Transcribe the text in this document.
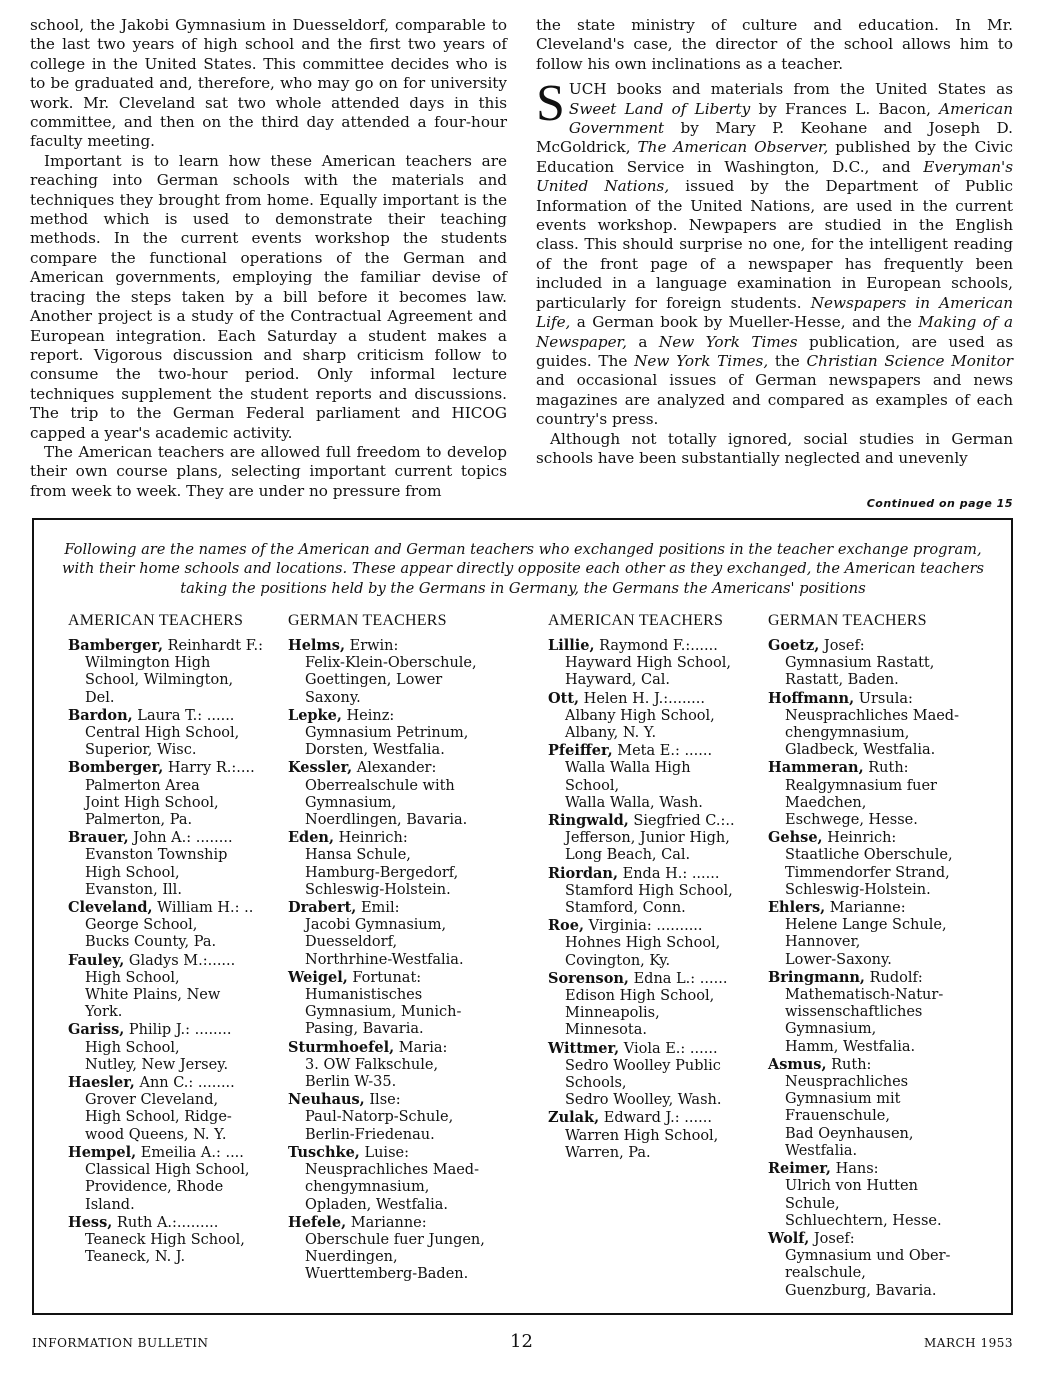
school, the Jakobi Gymnasium in Duesseldorf, comparable to the last two years of high school and the first two years of college in the United States. This committee decides who is to be graduated and, therefore, who may go on for university work. Mr. Cleveland sat two whole attended days in this committee, and then on the third day attended a four-hour faculty meeting.

Important is to learn how these American teachers are reaching into German schools with the materials and techniques they brought from home. Equally important is the method which is used to demonstrate their teaching methods. In the current events workshop the students compare the functional operations of the German and American governments, employing the familiar devise of tracing the steps taken by a bill before it becomes law. Another project is a study of the Contractual Agreement and European integration. Each Saturday a student makes a report. Vigorous discussion and sharp criticism follow to consume the two-hour period. Only informal lecture techniques supplement the student reports and discussions. The trip to the German Federal parliament and HICOG capped a year's academic activity.

The American teachers are allowed full freedom to develop their own course plans, selecting important current topics from week to week. They are under no pressure from

the state ministry of culture and education. In Mr. Cleveland's case, the director of the school allows him to follow his own inclinations as a teacher.

SUCH books and materials from the United States as Sweet Land of Liberty by Frances L. Bacon, American Government by Mary P. Keohane and Joseph D. McGoldrick, The American Observer, published by the Civic Education Service in Washington, D.C., and Everyman's United Nations, issued by the Department of Public Information of the United Nations, are used in the current events workshop. Newpapers are studied in the English class. This should surprise no one, for the intelligent reading of the front page of a newspaper has frequently been included in a language examination in European schools, particularly for foreign students. Newspapers in American Life, a German book by Mueller-Hesse, and the Making of a Newspaper, a New York Times publication, are used as guides. The New York Times, the Christian Science Monitor and occasional issues of German newspapers and news magazines are analyzed and compared as examples of each country's press.

Although not totally ignored, social studies in German schools have been substantially neglected and unevenly

Continued on page 15
Following are the names of the American and German teachers who exchanged positions in the teacher exchange program, with their home schools and locations. These appear directly opposite each other as they exchanged, the American teachers taking the positions held by the Germans in Germany, the Germans the Americans' positions
AMERICAN TEACHERS
Bamberger, Reinhardt F.:
Wilmington High
School, Wilmington,
Del.
Bardon, Laura T.: ......
Central High School,
Superior, Wisc.
Bomberger, Harry R.:....
Palmerton Area
Joint High School,
Palmerton, Pa.
Brauer, John A.: ........
Evanston Township
High School,
Evanston, Ill.
Cleveland, William H.: ..
George School,
Bucks County, Pa.
Fauley, Gladys M.:......
High School,
White Plains, New
York.
Gariss, Philip J.: ........
High School,
Nutley, New Jersey.
Haesler, Ann C.: ........
Grover Cleveland,
High School, Ridge-
wood Queens, N. Y.
Hempel, Emeilia A.: ....
Classical High School,
Providence, Rhode
Island.
Hess, Ruth A.:.........
Teaneck High School,
Teaneck, N. J.
GERMAN TEACHERS
Helms, Erwin:
Felix-Klein-Oberschule,
Goettingen, Lower
Saxony.
Lepke, Heinz:
Gymnasium Petrinum,
Dorsten, Westfalia.
Kessler, Alexander:
Oberrealschule with
Gymnasium,
Noerdlingen, Bavaria.
Eden, Heinrich:
Hansa Schule,
Hamburg-Bergedorf,
Schleswig-Holstein.
Drabert, Emil:
Jacobi Gymnasium,
Duesseldorf,
Northrhine-Westfalia.
Weigel, Fortunat:
Humanistisches
Gymnasium, Munich-
Pasing, Bavaria.
Sturmhoefel, Maria:
3. OW Falkschule,
Berlin W-35.
Neuhaus, Ilse:
Paul-Natorp-Schule,
Berlin-Friedenau.
Tuschke, Luise:
Neusprachliches Maed-
chengymnasium,
Opladen, Westfalia.
Hefele, Marianne:
Oberschule fuer Jungen,
Nuerdingen,
Wuerttemberg-Baden.
AMERICAN TEACHERS
Lillie, Raymond F.:......
Hayward High School,
Hayward, Cal.
Ott, Helen H. J.:........
Albany High School,
Albany, N. Y.
Pfeiffer, Meta E.: ......
Walla Walla High
School,
Walla Walla, Wash.
Ringwald, Siegfried C.:..
Jefferson, Junior High,
Long Beach, Cal.
Riordan, Enda H.: ......
Stamford High School,
Stamford, Conn.
Roe, Virginia: ..........
Hohnes High School,
Covington, Ky.
Sorenson, Edna L.: ......
Edison High School,
Minneapolis,
Minnesota.
Wittmer, Viola E.: ......
Sedro Woolley Public
Schools,
Sedro Woolley, Wash.
Zulak, Edward J.: ......
Warren High School,
Warren, Pa.
GERMAN TEACHERS
Goetz, Josef:
Gymnasium Rastatt,
Rastatt, Baden.
Hoffmann, Ursula:
Neusprachliches Maed-
chengymnasium,
Gladbeck, Westfalia.
Hammeran, Ruth:
Realgymnasium fuer
Maedchen,
Eschwege, Hesse.
Gehse, Heinrich:
Staatliche Oberschule,
Timmendorfer Strand,
Schleswig-Holstein.
Ehlers, Marianne:
Helene Lange Schule,
Hannover,
Lower-Saxony.
Bringmann, Rudolf:
Mathematisch-Natur-
wissenschaftliches
Gymnasium,
Hamm, Westfalia.
Asmus, Ruth:
Neusprachliches
Gymnasium mit
Frauenschule,
Bad Oeynhausen,
Westfalia.
Reimer, Hans:
Ulrich von Hutten
Schule,
Schluechtern, Hesse.
Wolf, Josef:
Gymnasium und Ober-
realschule,
Guenzburg, Bavaria.
INFORMATION BULLETIN	12	MARCH 1953
